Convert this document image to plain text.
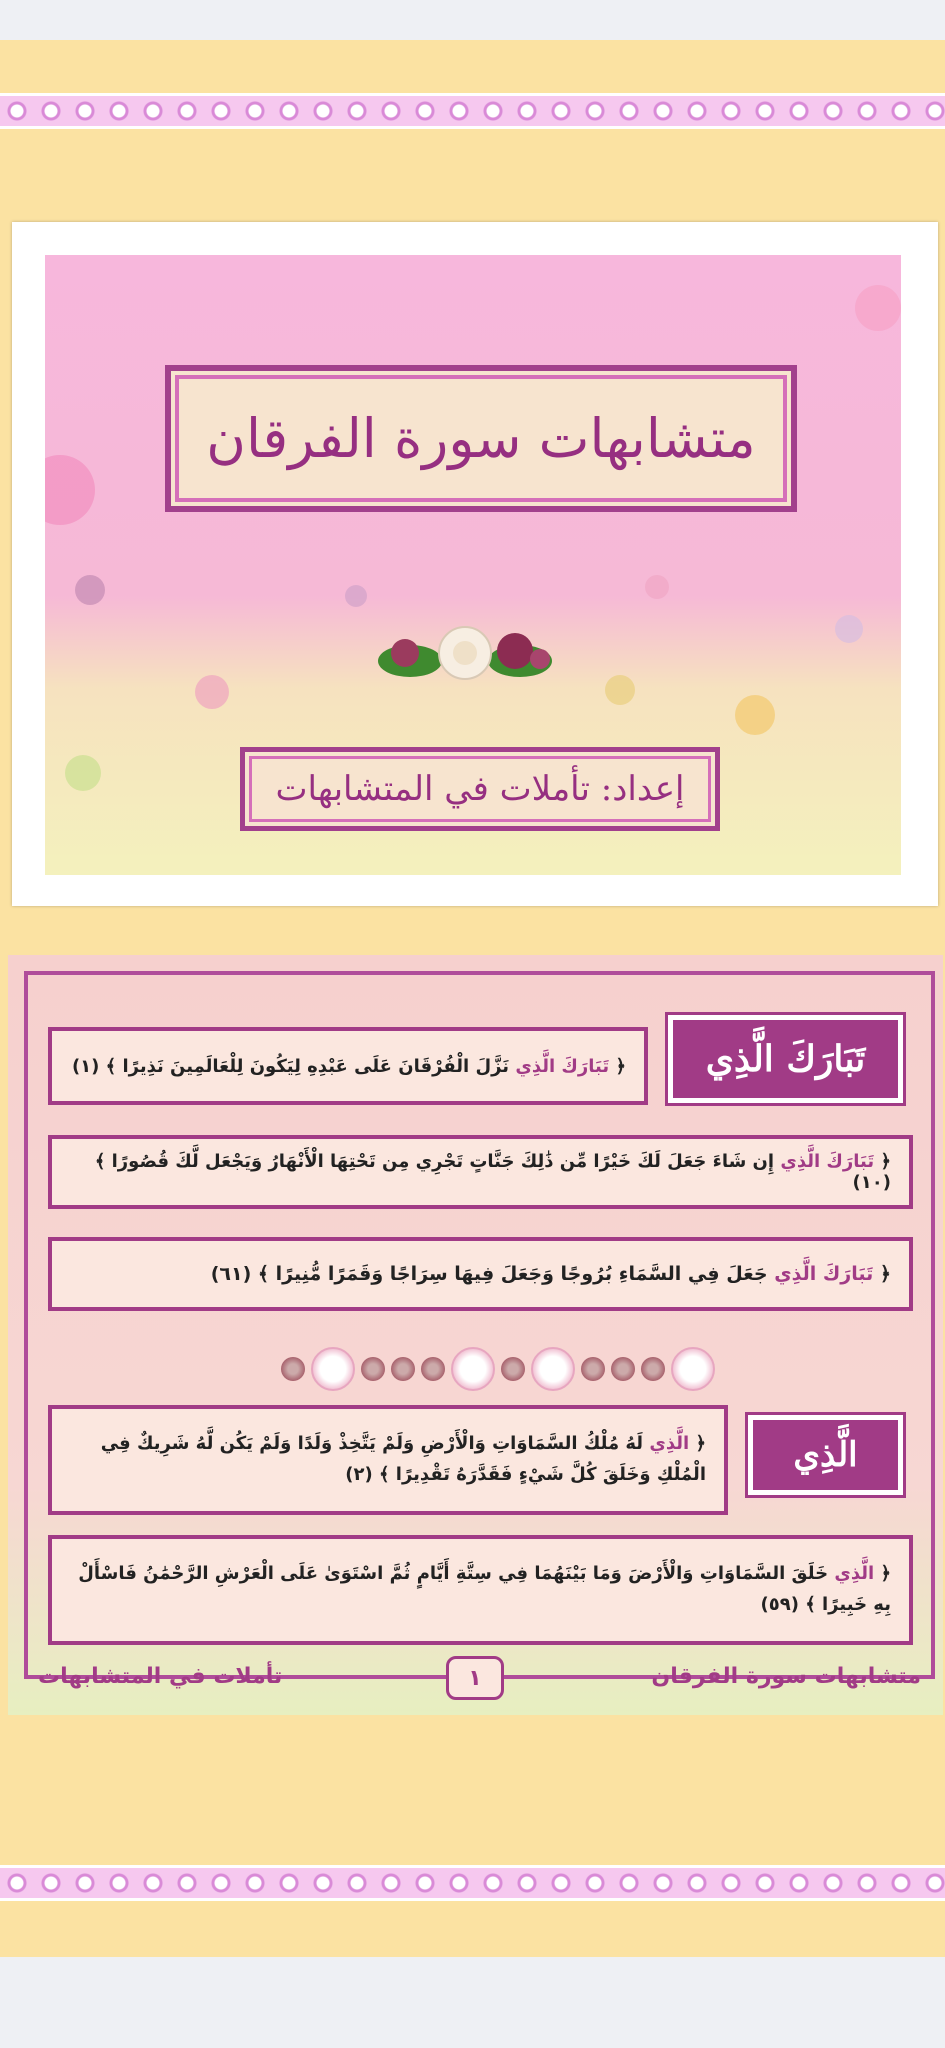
متشابهات سورة الفرقان
إعداد: تأملات في المتشابهات
تَبَارَكَ الَّذِي
﴿ تَبَارَكَ الَّذِي نَزَّلَ الْفُرْقَانَ عَلَى عَبْدِهِ لِيَكُونَ لِلْعَالَمِينَ نَذِيرًا ﴾ (١)
﴿ تَبَارَكَ الَّذِي إِن شَاءَ جَعَلَ لَكَ خَيْرًا مِّن ذَٰلِكَ جَنَّاتٍ تَجْرِي مِن تَحْتِهَا الْأَنْهَارُ وَيَجْعَل لَّكَ قُصُورًا ﴾ (١٠)
﴿ تَبَارَكَ الَّذِي جَعَلَ فِي السَّمَاءِ بُرُوجًا وَجَعَلَ فِيهَا سِرَاجًا وَقَمَرًا مُّنِيرًا ﴾ (٦١)
الَّذِي
﴿ الَّذِي لَهُ مُلْكُ السَّمَاوَاتِ وَالْأَرْضِ وَلَمْ يَتَّخِذْ وَلَدًا وَلَمْ يَكُن لَّهُ شَرِيكٌ فِي الْمُلْكِ وَخَلَقَ كُلَّ شَيْءٍ فَقَدَّرَهُ تَقْدِيرًا ﴾ (٢)
﴿ الَّذِي خَلَقَ السَّمَاوَاتِ وَالْأَرْضَ وَمَا بَيْنَهُمَا فِي سِتَّةِ أَيَّامٍ ثُمَّ اسْتَوَىٰ عَلَى الْعَرْشِ الرَّحْمَٰنُ فَاسْأَلْ بِهِ خَبِيرًا ﴾ (٥٩)
متشابهات سورة الفرقان
١
تأملات في المتشابهات
